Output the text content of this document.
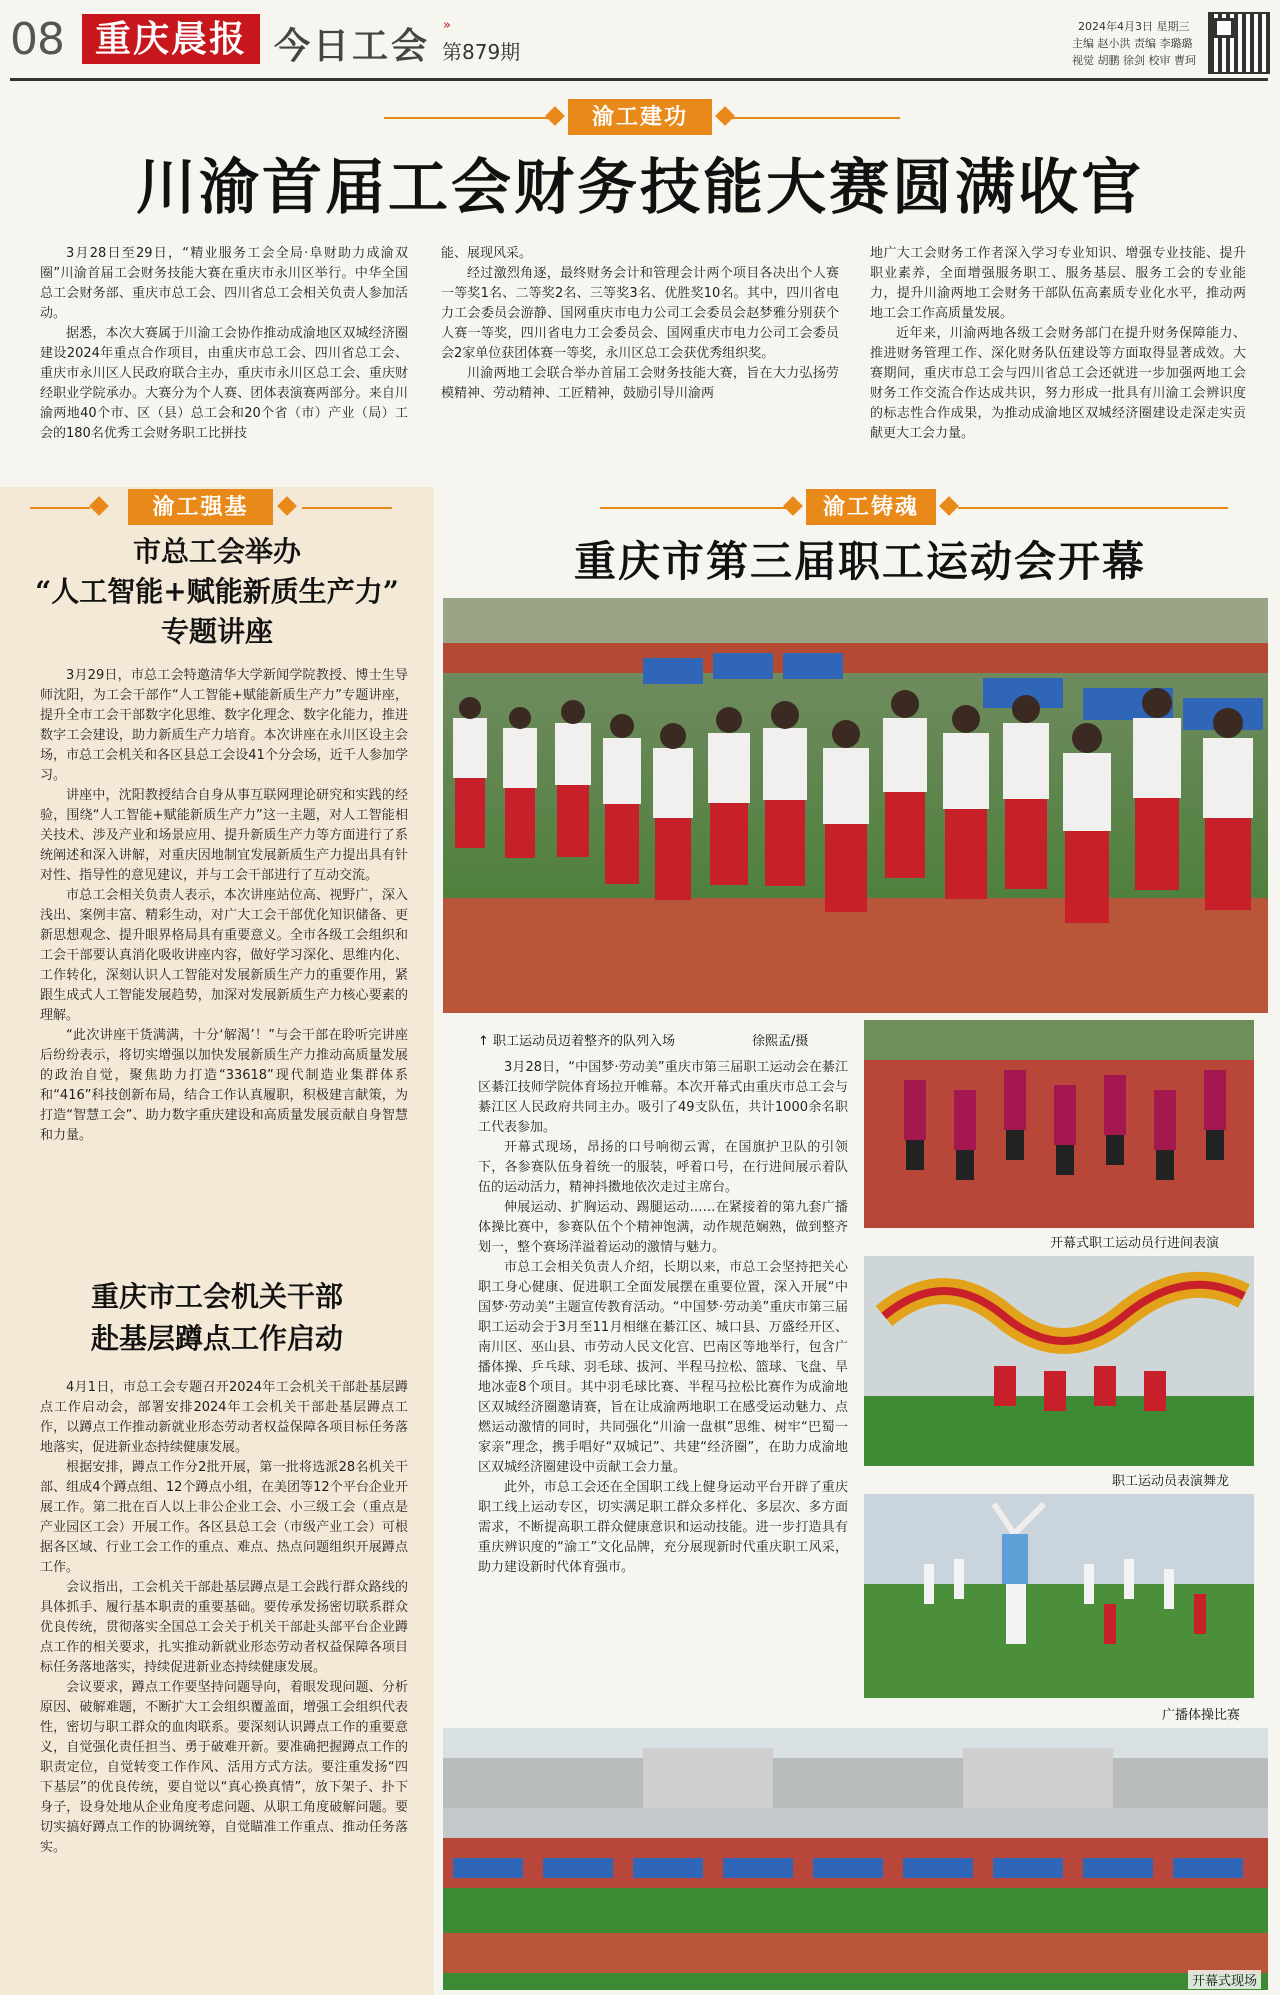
08 重庆晨报 今日工会 »
第879期
2024年4月3日 星期三
主编 赵小洪 责编 李璐璐
视觉 胡鹏 徐剑 校审 曹珂
渝工建功
川渝首届工会财务技能大赛圆满收官

3月28日至29日，“精业服务工会全局·阜财助力成渝双圈”川渝首届工会财务技能大赛在重庆市永川区举行。中华全国总工会财务部、重庆市总工会、四川省总工会相关负责人参加活动。

据悉，本次大赛属于川渝工会协作推动成渝地区双城经济圈建设2024年重点合作项目，由重庆市总工会、四川省总工会、重庆市永川区人民政府联合主办，重庆市永川区总工会、重庆财经职业学院承办。大赛分为个人赛、团体表演赛两部分。来自川渝两地40个市、区（县）总工会和20个省（市）产业（局）工会的180名优秀工会财务职工比拼技

能、展现风采。

经过激烈角逐，最终财务会计和管理会计两个项目各决出个人赛一等奖1名、二等奖2名、三等奖3名、优胜奖10名。其中，四川省电力工会委员会游静、国网重庆市电力公司工会委员会赵梦雅分别获个人赛一等奖，四川省电力工会委员会、国网重庆市电力公司工会委员会2家单位获团体赛一等奖，永川区总工会获优秀组织奖。

川渝两地工会联合举办首届工会财务技能大赛，旨在大力弘扬劳模精神、劳动精神、工匠精神，鼓励引导川渝两

地广大工会财务工作者深入学习专业知识、增强专业技能、提升职业素养，全面增强服务职工、服务基层、服务工会的专业能力，提升川渝两地工会财务干部队伍高素质专业化水平，推动两地工会工作高质量发展。

近年来，川渝两地各级工会财务部门在提升财务保障能力、推进财务管理工作、深化财务队伍建设等方面取得显著成效。大赛期间，重庆市总工会与四川省总工会还就进一步加强两地工会财务工作交流合作达成共识，努力形成一批具有川渝工会辨识度的标志性合作成果，为推动成渝地区双城经济圈建设走深走实贡献更大工会力量。

渝工强基
市总工会举办
“人工智能+赋能新质生产力”
专题讲座

3月29日，市总工会特邀清华大学新闻学院教授、博士生导师沈阳，为工会干部作“人工智能+赋能新质生产力”专题讲座，提升全市工会干部数字化思维、数字化理念、数字化能力，推进数字工会建设，助力新质生产力培育。本次讲座在永川区设主会场，市总工会机关和各区县总工会设41个分会场，近千人参加学习。

讲座中，沈阳教授结合自身从事互联网理论研究和实践的经验，围绕“人工智能+赋能新质生产力”这一主题，对人工智能相关技术、涉及产业和场景应用、提升新质生产力等方面进行了系统阐述和深入讲解，对重庆因地制宜发展新质生产力提出具有针对性、指导性的意见建议，并与工会干部进行了互动交流。

市总工会相关负责人表示，本次讲座站位高、视野广，深入浅出、案例丰富、精彩生动，对广大工会干部优化知识储备、更新思想观念、提升眼界格局具有重要意义。全市各级工会组织和工会干部要认真消化吸收讲座内容，做好学习深化、思维内化、工作转化，深刻认识人工智能对发展新质生产力的重要作用，紧跟生成式人工智能发展趋势，加深对发展新质生产力核心要素的理解。

“此次讲座干货满满，十分‘解渴’！”与会干部在聆听完讲座后纷纷表示，将切实增强以加快发展新质生产力推动高质量发展的政治自觉，聚焦助力打造“33618”现代制造业集群体系和“416”科技创新布局，结合工作认真履职，积极建言献策，为打造“智慧工会”、助力数字重庆建设和高质量发展贡献自身智慧和力量。

重庆市工会机关干部
赴基层蹲点工作启动

4月1日，市总工会专题召开2024年工会机关干部赴基层蹲点工作启动会，部署安排2024年工会机关干部赴基层蹲点工作，以蹲点工作推动新就业形态劳动者权益保障各项目标任务落地落实，促进新业态持续健康发展。

根据安排，蹲点工作分2批开展，第一批将选派28名机关干部、组成4个蹲点组、12个蹲点小组，在美团等12个平台企业开展工作。第二批在百人以上非公企业工会、小三级工会（重点是产业园区工会）开展工作。各区县总工会（市级产业工会）可根据各区域、行业工会工作的重点、难点、热点问题组织开展蹲点工作。

会议指出，工会机关干部赴基层蹲点是工会践行群众路线的具体抓手、履行基本职责的重要基础。要传承发扬密切联系群众优良传统，贯彻落实全国总工会关于机关干部赴头部平台企业蹲点工作的相关要求，扎实推动新就业形态劳动者权益保障各项目标任务落地落实，持续促进新业态持续健康发展。

会议要求，蹲点工作要坚持问题导向，着眼发现问题、分析原因、破解难题，不断扩大工会组织覆盖面，增强工会组织代表性，密切与职工群众的血肉联系。要深刻认识蹲点工作的重要意义，自觉强化责任担当、勇于破难开新。要准确把握蹲点工作的职责定位，自觉转变工作作风、活用方式方法。要注重发扬“四下基层”的优良传统，要自觉以“真心换真情”，放下架子、扑下身子，设身处地从企业角度考虑问题、从职工角度破解问题。要切实搞好蹲点工作的协调统筹，自觉瞄准工作重点、推动任务落实。

渝工铸魂
重庆市第三届职工运动会开幕
↑ 职工运动员迈着整齐的队列入场	徐熙孟/摄

3月28日，“中国梦·劳动美”重庆市第三届职工运动会在綦江区綦江技师学院体育场拉开帷幕。本次开幕式由重庆市总工会与綦江区人民政府共同主办。吸引了49支队伍，共计1000余名职工代表参加。

开幕式现场，昂扬的口号响彻云霄，在国旗护卫队的引领下，各参赛队伍身着统一的服装，呼着口号，在行进间展示着队伍的运动活力，精神抖擞地依次走过主席台。

伸展运动、扩胸运动、踢腿运动……在紧接着的第九套广播体操比赛中，参赛队伍个个精神饱满，动作规范娴熟，做到整齐划一，整个赛场洋溢着运动的激情与魅力。

市总工会相关负责人介绍，长期以来，市总工会坚持把关心职工身心健康、促进职工全面发展摆在重要位置，深入开展“中国梦·劳动美”主题宣传教育活动。“中国梦·劳动美”重庆市第三届职工运动会于3月至11月相继在綦江区、城口县、万盛经开区、南川区、巫山县、市劳动人民文化宫、巴南区等地举行，包含广播体操、乒乓球、羽毛球、拔河、半程马拉松、篮球、飞盘、旱地冰壶8个项目。其中羽毛球比赛、半程马拉松比赛作为成渝地区双城经济圈邀请赛，旨在让成渝两地职工在感受运动魅力、点燃运动激情的同时，共同强化“川渝一盘棋”思维、树牢“巴蜀一家亲”理念，携手唱好“双城记”、共建“经济圈”，在助力成渝地区双城经济圈建设中贡献工会力量。

此外，市总工会还在全国职工线上健身运动平台开辟了重庆职工线上运动专区，切实满足职工群众多样化、多层次、多方面需求，不断提高职工群众健康意识和运动技能。进一步打造具有重庆辨识度的“渝工”文化品牌，充分展现新时代重庆职工风采，助力建设新时代体育强市。

开幕式职工运动员行进间表演
职工运动员表演舞龙
广播体操比赛
开幕式现场
